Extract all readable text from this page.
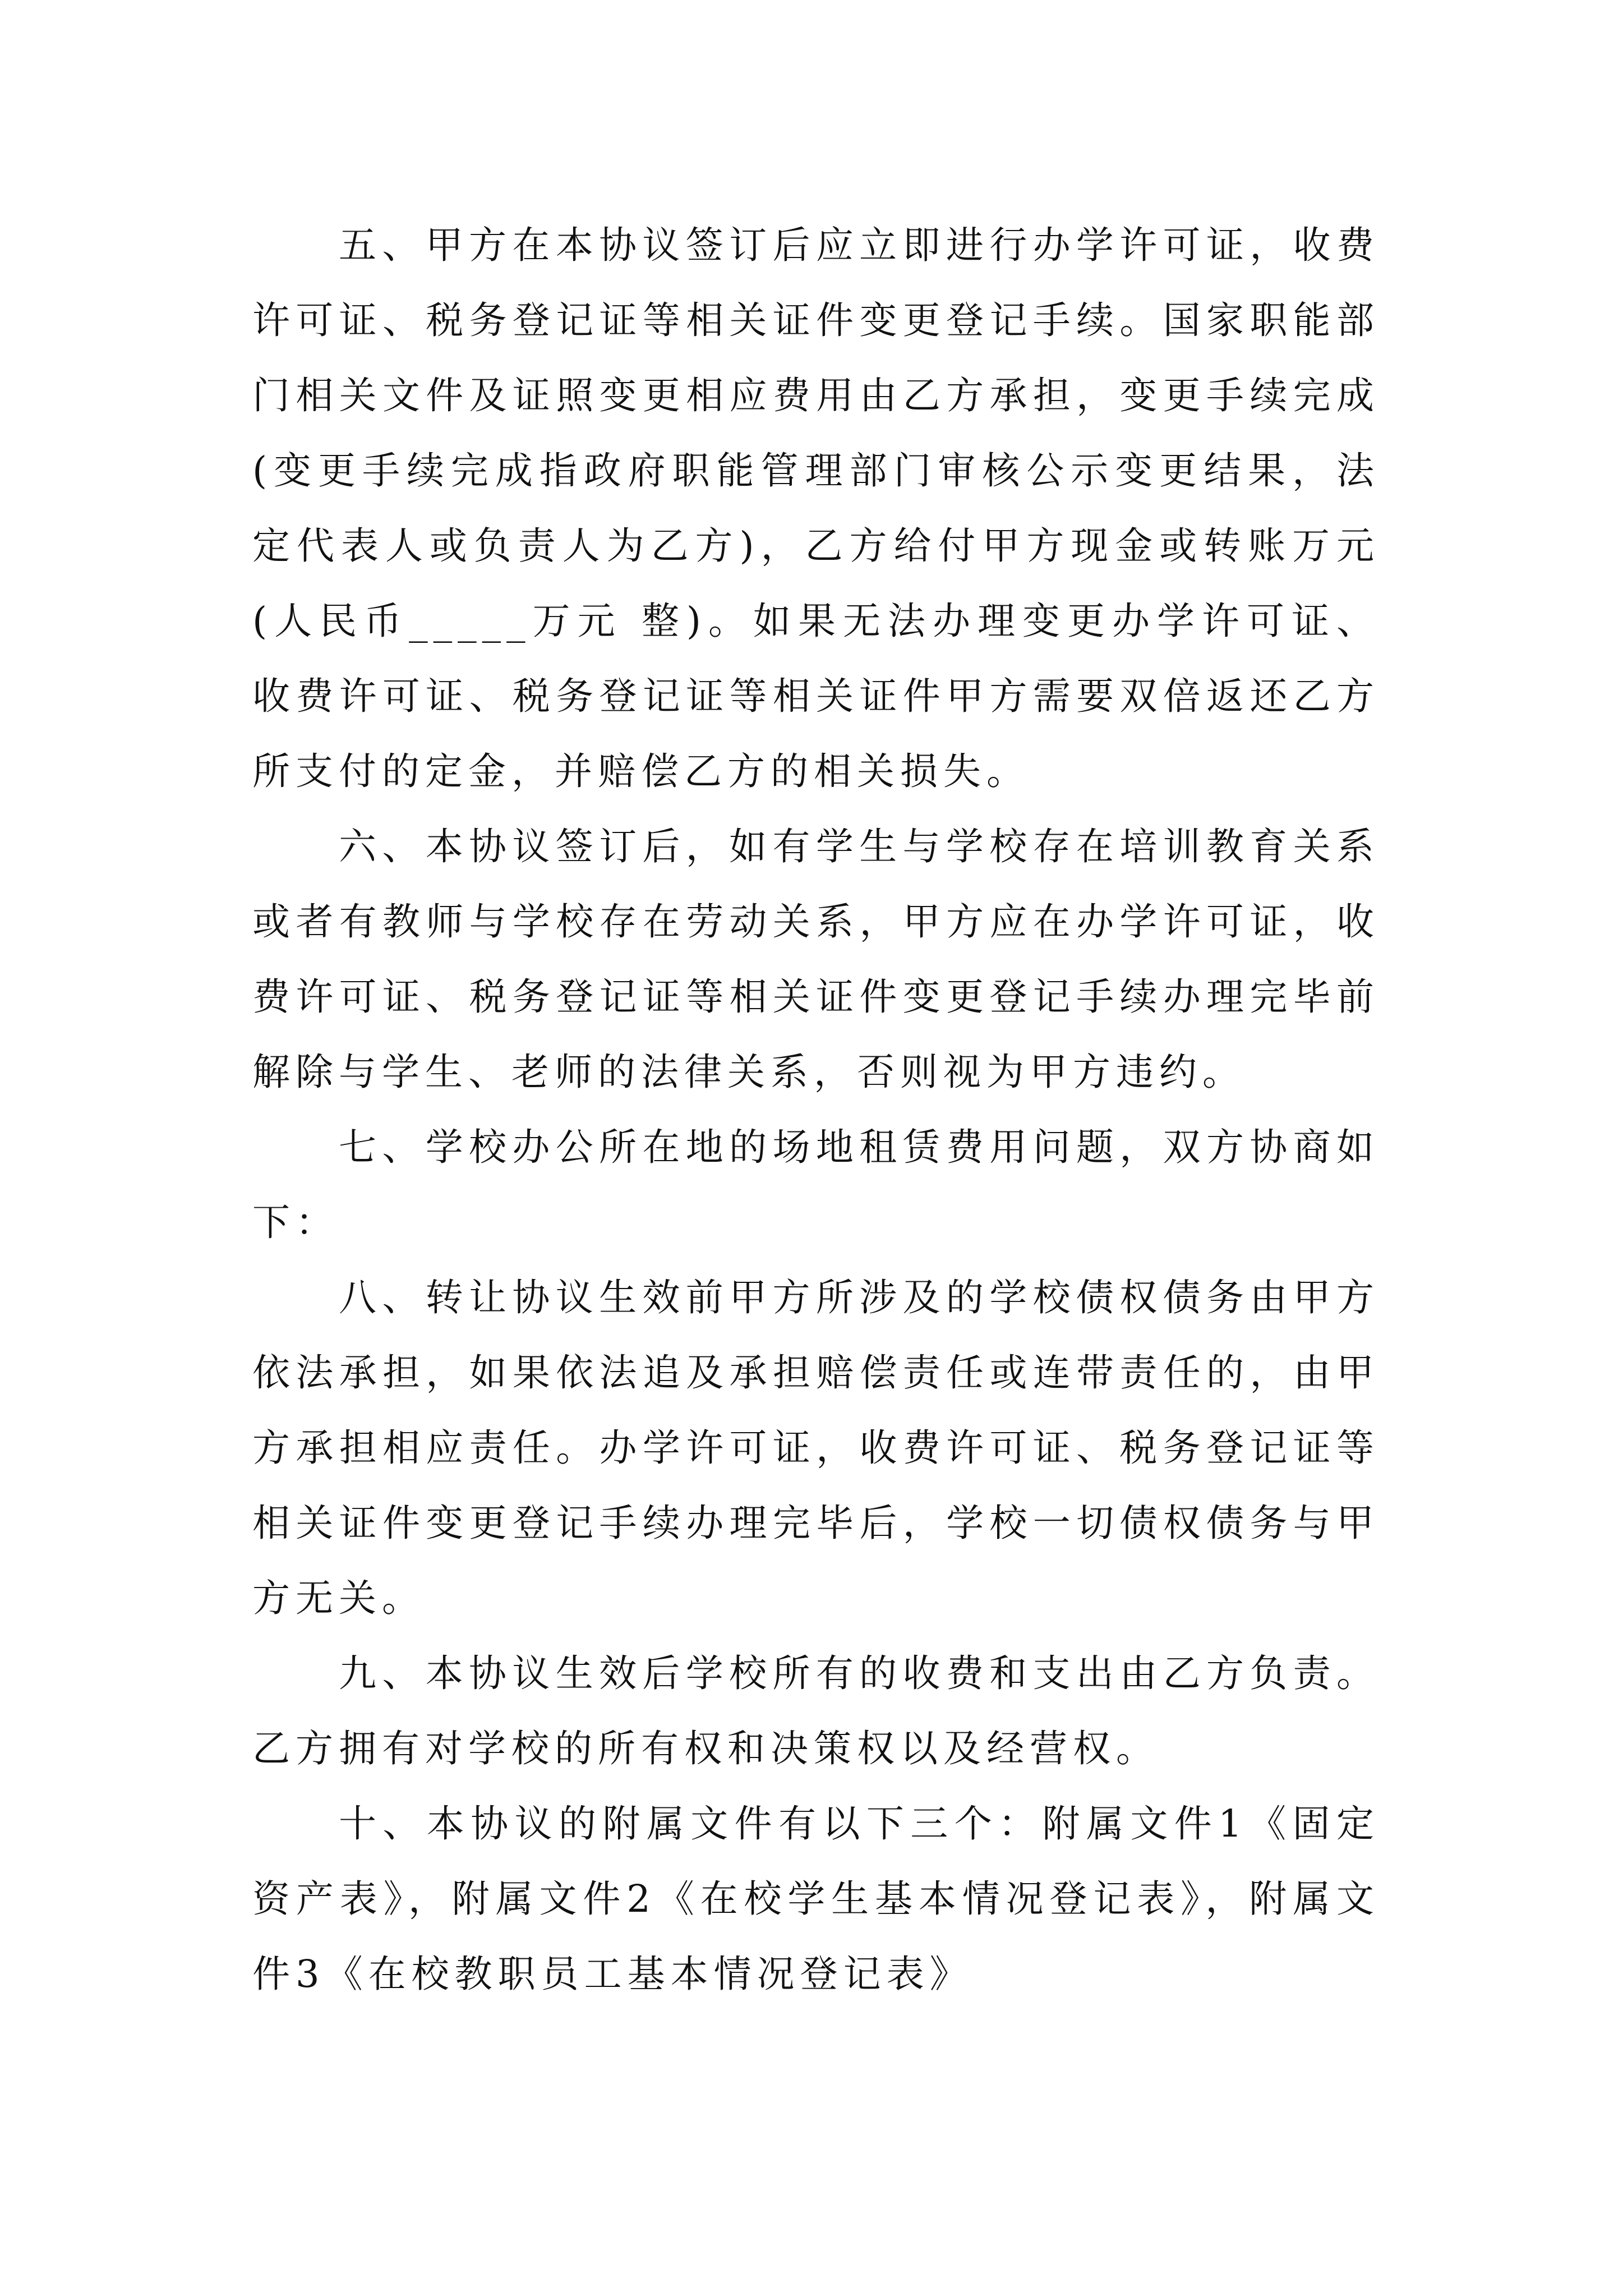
五、甲方在本协议签订后应立即进行办学许可证，收费许可证、税务登记证等相关证件变更登记手续。国家职能部门相关文件及证照变更相应费用由乙方承担，变更手续完成(变更手续完成指政府职能管理部门审核公示变更结果，法定代表人或负责人为乙方)，乙方给付甲方现金或转账万元(人民币_____万元 整)。如果无法办理变更办学许可证、收费许可证、税务登记证等相关证件甲方需要双倍返还乙方所支付的定金，并赔偿乙方的相关损失。

六、本协议签订后，如有学生与学校存在培训教育关系或者有教师与学校存在劳动关系，甲方应在办学许可证，收费许可证、税务登记证等相关证件变更登记手续办理完毕前解除与学生、老师的法律关系，否则视为甲方违约。

七、学校办公所在地的场地租赁费用问题，双方协商如下：

八、转让协议生效前甲方所涉及的学校债权债务由甲方依法承担，如果依法追及承担赔偿责任或连带责任的，由甲方承担相应责任。办学许可证，收费许可证、税务登记证等相关证件变更登记手续办理完毕后，学校一切债权债务与甲方无关。

九、本协议生效后学校所有的收费和支出由乙方负责。乙方拥有对学校的所有权和决策权以及经营权。

十、本协议的附属文件有以下三个：附属文件1《固定资产表》，附属文件2《在校学生基本情况登记表》，附属文件3《在校教职员工基本情况登记表》
